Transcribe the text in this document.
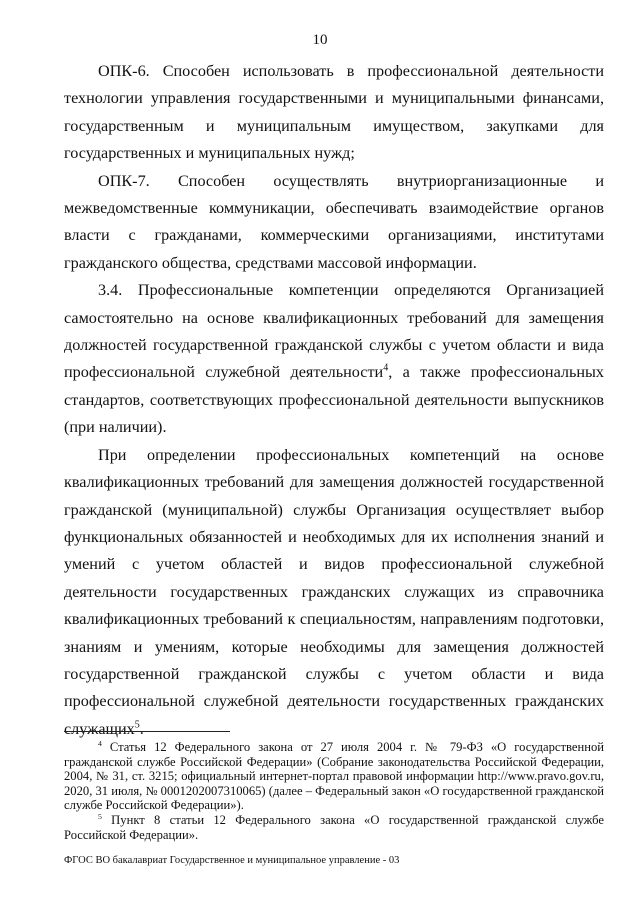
10

ОПК-6. Способен использовать в профессиональной деятельности технологии управления государственными и муниципальными финансами, государственным и муниципальным имуществом, закупками для государственных и муниципальных нужд;

ОПК-7. Способен осуществлять внутриорганизационные и межведомственные коммуникации, обеспечивать взаимодействие органов власти с гражданами, коммерческими организациями, институтами гражданского общества, средствами массовой информации.

3.4. Профессиональные компетенции определяются Организацией самостоятельно на основе квалификационных требований для замещения должностей государственной гражданской службы с учетом области и вида профессиональной служебной деятельности$^4$, а также профессиональных стандартов, соответствующих профессиональной деятельности выпускников (при наличии).

При определении профессиональных компетенций на основе квалификационных требований для замещения должностей государственной гражданской (муниципальной) службы Организация осуществляет выбор функциональных обязанностей и необходимых для их исполнения знаний и умений с учетом областей и видов профессиональной служебной деятельности государственных гражданских служащих из справочника квалификационных требований к специальностям, направлениям подготовки, знаниям и умениям, которые необходимы для замещения должностей государственной гражданской службы с учетом области и вида профессиональной служебной деятельности государственных гражданских служащих$^5$.

$^4$ Статья 12 Федерального закона от 27 июля 2004 г. № 79-ФЗ «О государственной гражданской службе Российской Федерации» (Собрание законодательства Российской Федерации, 2004, № 31, ст. 3215; официальный интернет-портал правовой информации http://www.pravo.gov.ru, 2020, 31 июля, № 0001202007310065) (далее – Федеральный закон «О государственной гражданской службе Российской Федерации»).

$^5$ Пункт 8 статьи 12 Федерального закона «О государственной гражданской службе Российской Федерации».

ФГОС ВО бакалавриат Государственное и муниципальное управление - 03
